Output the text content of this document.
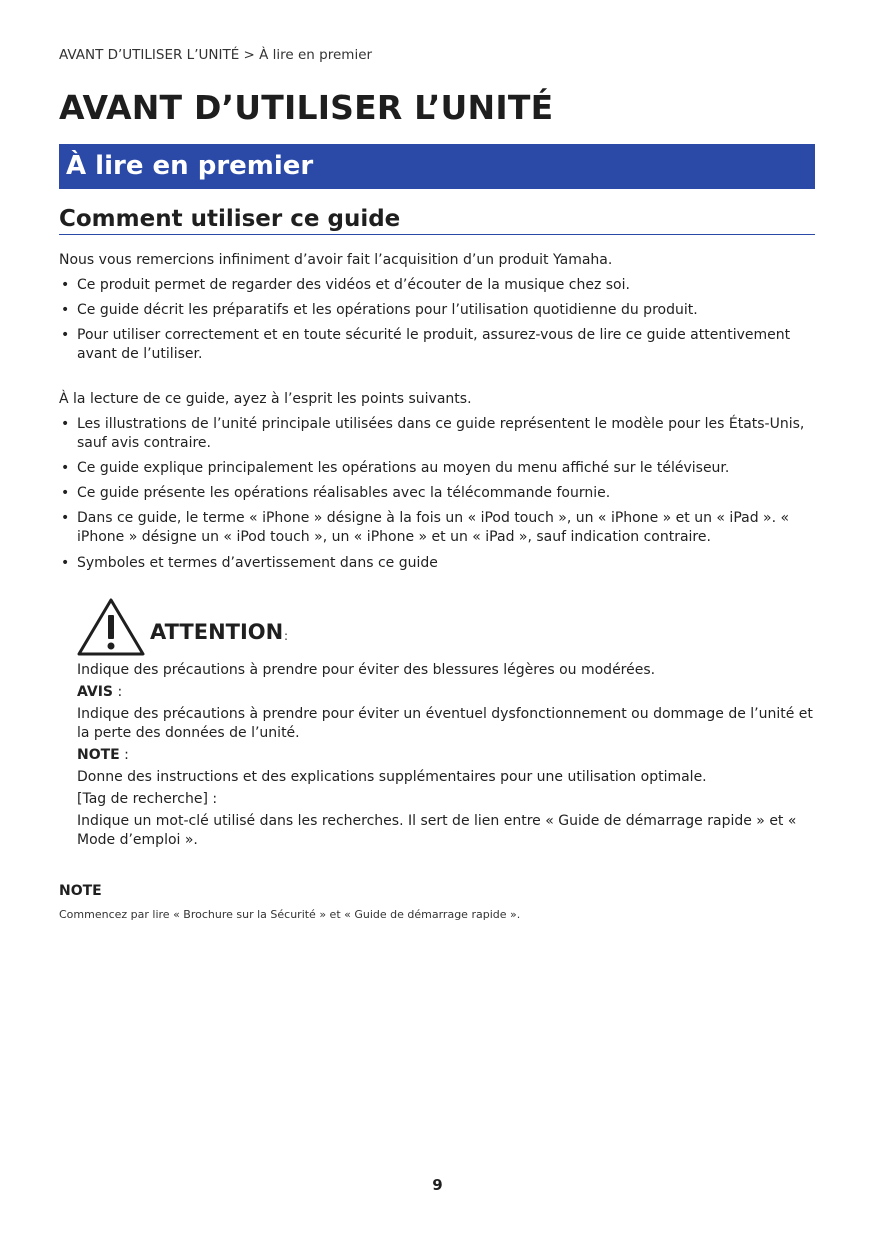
AVANT D’UTILISER L’UNITÉ > À lire en premier
AVANT D’UTILISER L’UNITÉ
À lire en premier
Comment utiliser ce guide
Nous vous remercions infiniment d’avoir fait l’acquisition d’un produit Yamaha.
• Ce produit permet de regarder des vidéos et d’écouter de la musique chez soi.
• Ce guide décrit les préparatifs et les opérations pour l’utilisation quotidienne du produit.
• Pour utiliser correctement et en toute sécurité le produit, assurez-vous de lire ce guide attentivement avant de l’utiliser.
À la lecture de ce guide, ayez à l’esprit les points suivants.
• Les illustrations de l’unité principale utilisées dans ce guide représentent le modèle pour les États-Unis, sauf avis contraire.
• Ce guide explique principalement les opérations au moyen du menu affiché sur le téléviseur.
• Ce guide présente les opérations réalisables avec la télécommande fournie.
• Dans ce guide, le terme « iPhone » désigne à la fois un « iPod touch », un « iPhone » et un « iPad ». « iPhone » désigne un « iPod touch », un « iPhone » et un « iPad », sauf indication contraire.
• Symboles et termes d’avertissement dans ce guide
ATTENTION :

Indique des précautions à prendre pour éviter des blessures légères ou modérées.

AVIS :

Indique des précautions à prendre pour éviter un éventuel dysfonctionnement ou dommage de l’unité et la perte des données de l’unité.

NOTE :

Donne des instructions et des explications supplémentaires pour une utilisation optimale.

[Tag de recherche] :

Indique un mot-clé utilisé dans les recherches. Il sert de lien entre « Guide de démarrage rapide » et « Mode d’emploi ».

NOTE
Commencez par lire « Brochure sur la Sécurité » et « Guide de démarrage rapide ».
9
